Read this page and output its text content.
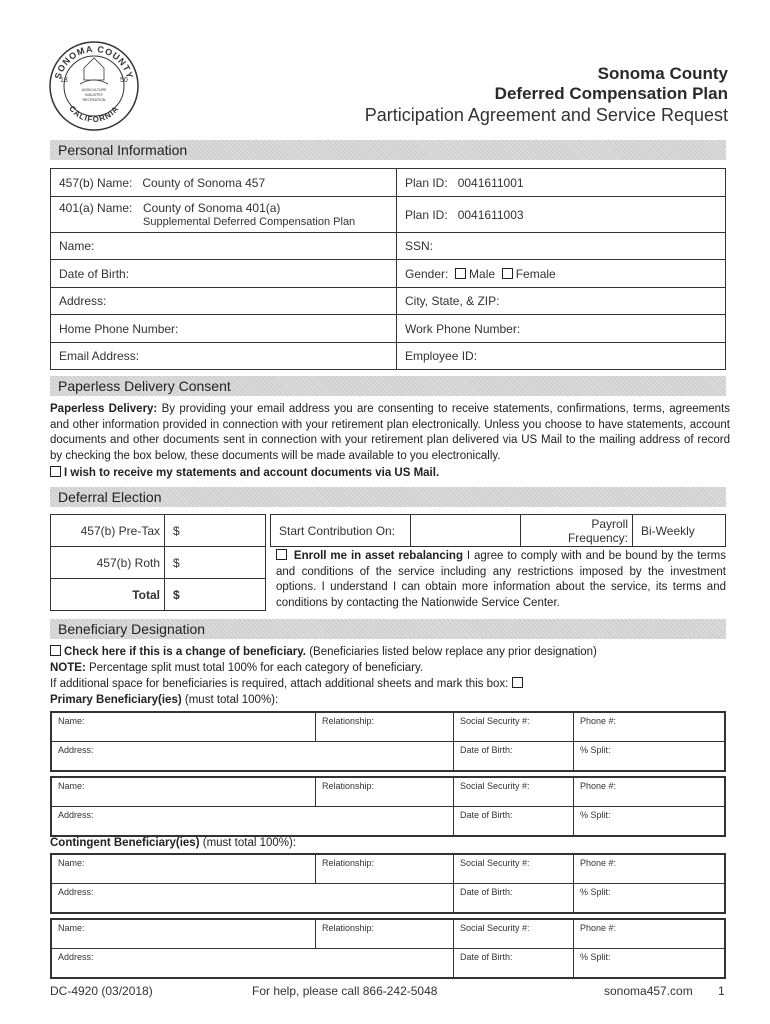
SONOMA COUNTY
CALIFORNIA
18	50
AGRICULTURE
INDUSTRY
RECREATION
Sonoma County
Deferred Compensation Plan
Participation Agreement and Service Request
Personal Information
457(b) Name: County of Sonoma 457	Plan ID: 0041611001

401(a) Name: County of Sonoma 401(a)
Supplemental Deferred Compensation Plan	Plan ID: 0041611003
Name:	SSN:
Date of Birth:	Gender: Male Female
Address:	City, State, & ZIP:
Home Phone Number:	Work Phone Number:
Email Address:	Employee ID:
Paperless Delivery Consent
Paperless Delivery: By providing your email address you are consenting to receive statements, confirmations, terms, agreements and other information provided in connection with your retirement plan electronically. Unless you choose to have statements, account documents and other documents sent in connection with your retirement plan delivered via US Mail to the mailing address of record by checking the box below, these documents will be made available to you electronically.
I wish to receive my statements and account documents via US Mail.
Deferral Election
457(b) Pre-Tax	$
457(b) Roth	$
Total	$
Start Contribution On:		Payroll Frequency:	Bi-Weekly
Enroll me in asset rebalancing I agree to comply with and be bound by the terms and conditions of the service including any restrictions imposed by the investment options. I understand I can obtain more information about the service, its terms and conditions by contacting the Nationwide Service Center.
Beneficiary Designation
Check here if this is a change of beneficiary. (Beneficiaries listed below replace any prior designation)
NOTE: Percentage split must total 100% for each category of beneficiary.
If additional space for beneficiaries is required, attach additional sheets and mark this box:
Primary Beneficiary(ies) (must total 100%):
Name:	Relationship:	Social Security #:	Phone #:
Address:		Date of Birth:	% Split:
Name:	Relationship:	Social Security #:	Phone #:
Address:		Date of Birth:	% Split:
Contingent Beneficiary(ies) (must total 100%):
Name:	Relationship:	Social Security #:	Phone #:
Address:		Date of Birth:	% Split:
Name:	Relationship:	Social Security #:	Phone #:
Address:		Date of Birth:	% Split:
DC-4920 (03/2018)	For help, please call 866-242-5048	sonoma457.com 1
